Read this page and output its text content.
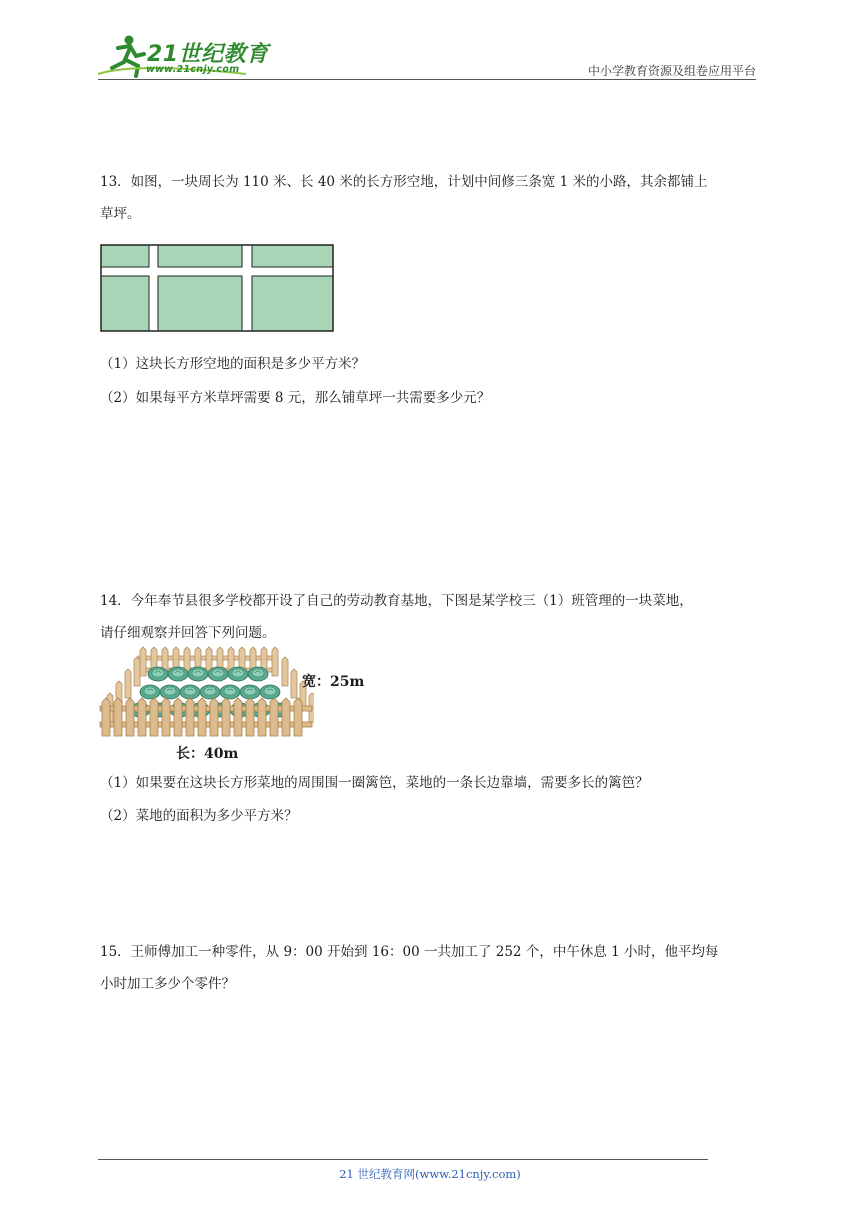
21世纪教育
www.21cnjy.com	中小学教育资源及组卷应用平台

13．如图，一块周长为 110 米、长 40 米的长方形空地，计划中间修三条宽 1 米的小路，其余都铺上

草坪。

（1）这块长方形空地的面积是多少平方米？
（2）如果每平方米草坪需要 8 元，那么铺草坪一共需要多少元？

14．今年奉节县很多学校都开设了自己的劳动教育基地，下图是某学校三（1）班管理的一块菜地，

请仔细观察并回答下列问题。

宽：25m
长：40m
（1）如果要在这块长方形菜地的周围围一圈篱笆，菜地的一条长边靠墙，需要多长的篱笆？
（2）菜地的面积为多少平方米？

15．王师傅加工一种零件，从 9：00 开始到 16：00 一共加工了 252 个，中午休息 1 小时，他平均每

小时加工多少个零件？

21 世纪教育网(www.21cnjy.com)
